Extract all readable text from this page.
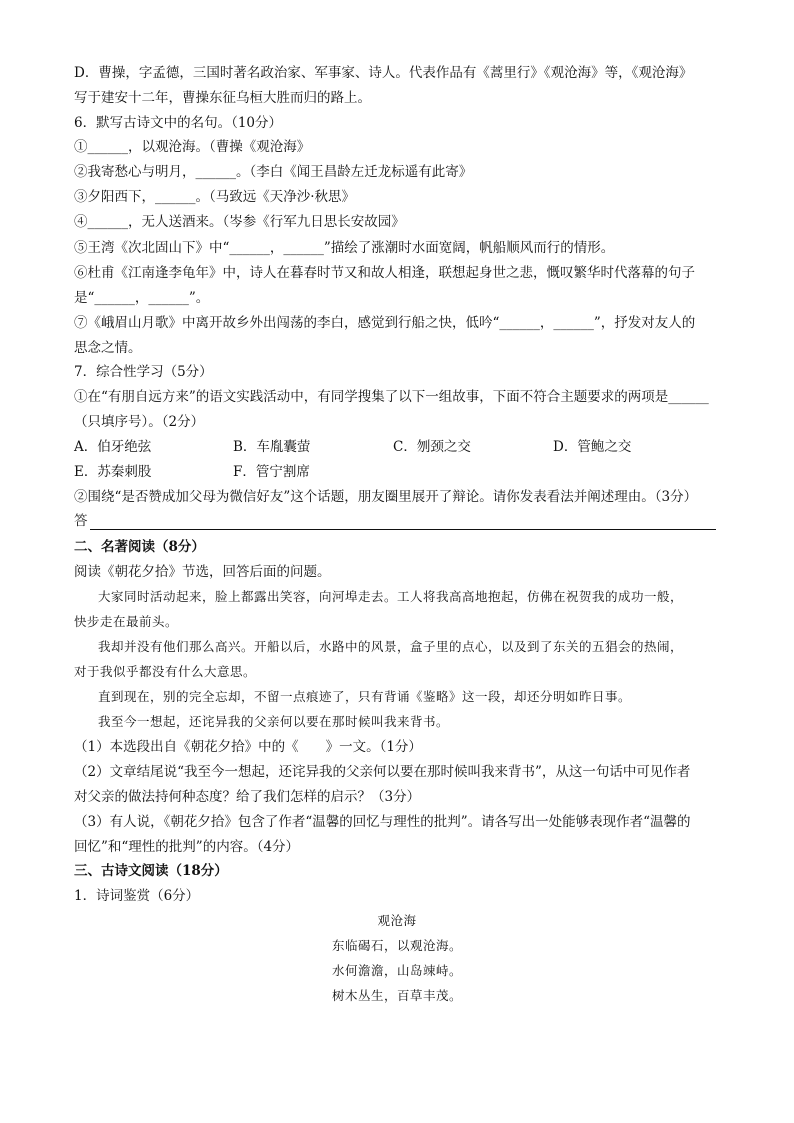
D．曹操，字孟德，三国时著名政治家、军事家、诗人。代表作品有《蒿里行》《观沧海》等，《观沧海》
写于建安十二年，曹操东征乌桓大胜而归的路上。
6．默写古诗文中的名句。（10分）
①______，以观沧海。（曹操《观沧海》
②我寄愁心与明月，______。（李白《闻王昌龄左迁龙标遥有此寄》
③夕阳西下，______。（马致远《天净沙·秋思》
④______，无人送酒来。（岑参《行军九日思长安故园》
⑤王湾《次北固山下》中“______，______”描绘了涨潮时水面宽阔，帆船顺风而行的情形。
⑥杜甫《江南逢李龟年》中，诗人在暮春时节又和故人相逢，联想起身世之悲，慨叹繁华时代落幕的句子
是“______，______”。
⑦《峨眉山月歌》中离开故乡外出闯荡的李白，感觉到行船之快，低吟“______，______”，抒发对友人的
思念之情。
7．综合性学习（5分）
①在“有朋自远方来”的语文实践活动中，有同学搜集了以下一组故事，下面不符合主题要求的两项是______
（只填序号）。（2分）
A．伯牙绝弦	B．车胤囊萤	C．刎颈之交	D．管鲍之交
E．苏秦刺股	F．管宁割席
②围绕“是否赞成加父母为微信好友”这个话题，朋友圈里展开了辩论。请你发表看法并阐述理由。（3分）
答
二、名著阅读（8分）
阅读《朝花夕拾》节选，回答后面的问题。
大家同时活动起来，脸上都露出笑容，向河埠走去。工人将我高高地抱起，仿佛在祝贺我的成功一般，
快步走在最前头。
我却并没有他们那么高兴。开船以后，水路中的风景，盒子里的点心，以及到了东关的五猖会的热闹，
对于我似乎都没有什么大意思。
直到现在，别的完全忘却，不留一点痕迹了，只有背诵《鉴略》这一段，却还分明如昨日事。
我至今一想起，还诧异我的父亲何以要在那时候叫我来背书。
（1）本选段出自《朝花夕拾》中的《　　》一文。（1分）
（2）文章结尾说“我至今一想起，还诧异我的父亲何以要在那时候叫我来背书”，从这一句话中可见作者
对父亲的做法持何种态度？给了我们怎样的启示？（3分）
（3）有人说，《朝花夕拾》包含了作者“温馨的回忆与理性的批判”。请各写出一处能够表现作者“温馨的
回忆”和“理性的批判”的内容。（4分）
三、古诗文阅读（18分）
1．诗词鉴赏（6分）
观沧海
东临碣石，以观沧海。
水何澹澹，山岛竦峙。
树木丛生，百草丰茂。
